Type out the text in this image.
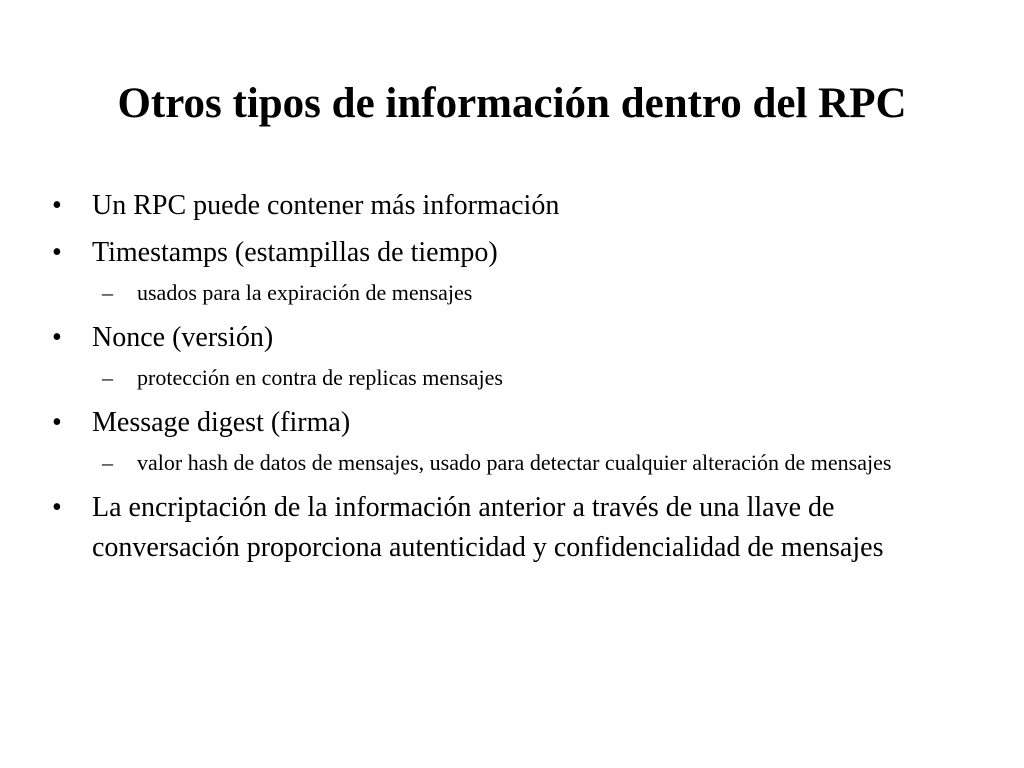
Otros tipos de información dentro del RPC
• Un RPC puede contener más información
• Timestamps (estampillas de tiempo)
– usados para la expiración de mensajes
• Nonce (versión)
– protección en contra de replicas mensajes
• Message digest (firma)
– valor hash de datos de mensajes, usado para detectar cualquier alteración de mensajes
• La encriptación de la información anterior a través de una llave de conversación proporciona autenticidad y confidencialidad de mensajes
